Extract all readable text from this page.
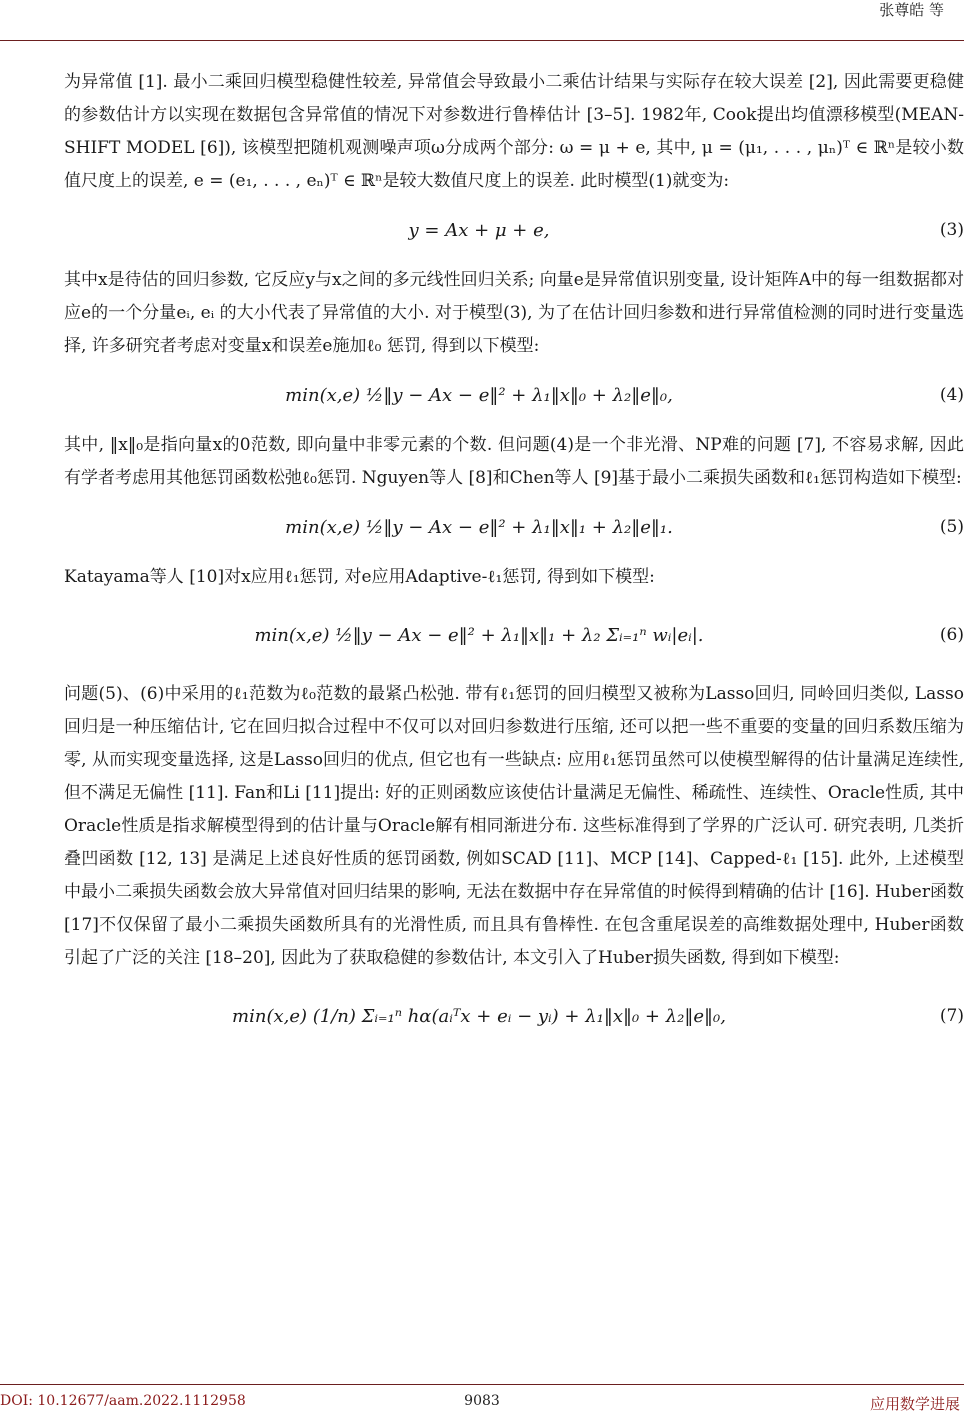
张尊皓 等

为异常值 [1]. 最小二乘回归模型稳健性较差, 异常值会导致最小二乘估计结果与实际存在较大误差 [2], 因此需要更稳健的参数估计方以实现在数据包含异常值的情况下对参数进行鲁棒估计 [3–5]. 1982年, Cook提出均值漂移模型(MEAN-SHIFT MODEL [6]), 该模型把随机观测噪声项ω分成两个部分: ω = μ + e, 其中, μ = (μ₁, . . . , μₙ)ᵀ ∈ ℝⁿ是较小数值尺度上的误差, e = (e₁, . . . , eₙ)ᵀ ∈ ℝⁿ是较大数值尺度上的误差. 此时模型(1)就变为:

y = Ax + μ + e,	(3)

其中x是待估的回归参数, 它反应y与x之间的多元线性回归关系; 向量e是异常值识别变量, 设计矩阵A中的每一组数据都对应e的一个分量eᵢ, eᵢ 的大小代表了异常值的大小. 对于模型(3), 为了在估计回归参数和进行异常值检测的同时进行变量选择, 许多研究者考虑对变量x和误差e施加ℓ₀ 惩罚, 得到以下模型:

min(x,e) ½‖y − Ax − e‖² + λ₁‖x‖₀ + λ₂‖e‖₀,	(4)

其中, ‖x‖₀是指向量x的0范数, 即向量中非零元素的个数. 但问题(4)是一个非光滑、NP难的问题 [7], 不容易求解, 因此有学者考虑用其他惩罚函数松弛ℓ₀惩罚. Nguyen等人 [8]和Chen等人 [9]基于最小二乘损失函数和ℓ₁惩罚构造如下模型:

min(x,e) ½‖y − Ax − e‖² + λ₁‖x‖₁ + λ₂‖e‖₁.	(5)

Katayama等人 [10]对x应用ℓ₁惩罚, 对e应用Adaptive-ℓ₁惩罚, 得到如下模型:

min(x,e) ½‖y − Ax − e‖² + λ₁‖x‖₁ + λ₂ Σᵢ₌₁ⁿ wᵢ|eᵢ|.	(6)

问题(5)、(6)中采用的ℓ₁范数为ℓ₀范数的最紧凸松弛. 带有ℓ₁惩罚的回归模型又被称为Lasso回归, 同岭回归类似, Lasso回归是一种压缩估计, 它在回归拟合过程中不仅可以对回归参数进行压缩, 还可以把一些不重要的变量的回归系数压缩为零, 从而实现变量选择, 这是Lasso回归的优点, 但它也有一些缺点: 应用ℓ₁惩罚虽然可以使模型解得的估计量满足连续性, 但不满足无偏性 [11]. Fan和Li [11]提出: 好的正则函数应该使估计量满足无偏性、稀疏性、连续性、Oracle性质, 其中Oracle性质是指求解模型得到的估计量与Oracle解有相同渐进分布. 这些标准得到了学界的广泛认可. 研究表明, 几类折叠凹函数 [12, 13] 是满足上述良好性质的惩罚函数, 例如SCAD [11]、MCP [14]、Capped-ℓ₁ [15]. 此外, 上述模型中最小二乘损失函数会放大异常值对回归结果的影响, 无法在数据中存在异常值的时候得到精确的估计 [16]. Huber函数 [17]不仅保留了最小二乘损失函数所具有的光滑性质, 而且具有鲁棒性. 在包含重尾误差的高维数据处理中, Huber函数引起了广泛的关注 [18–20], 因此为了获取稳健的参数估计, 本文引入了Huber损失函数, 得到如下模型:

min(x,e) (1/n) Σᵢ₌₁ⁿ hα(aᵢᵀx + eᵢ − yᵢ) + λ₁‖x‖₀ + λ₂‖e‖₀,	(7)
DOI: 10.12677/aam.2022.1112958	9083	应用数学进展
